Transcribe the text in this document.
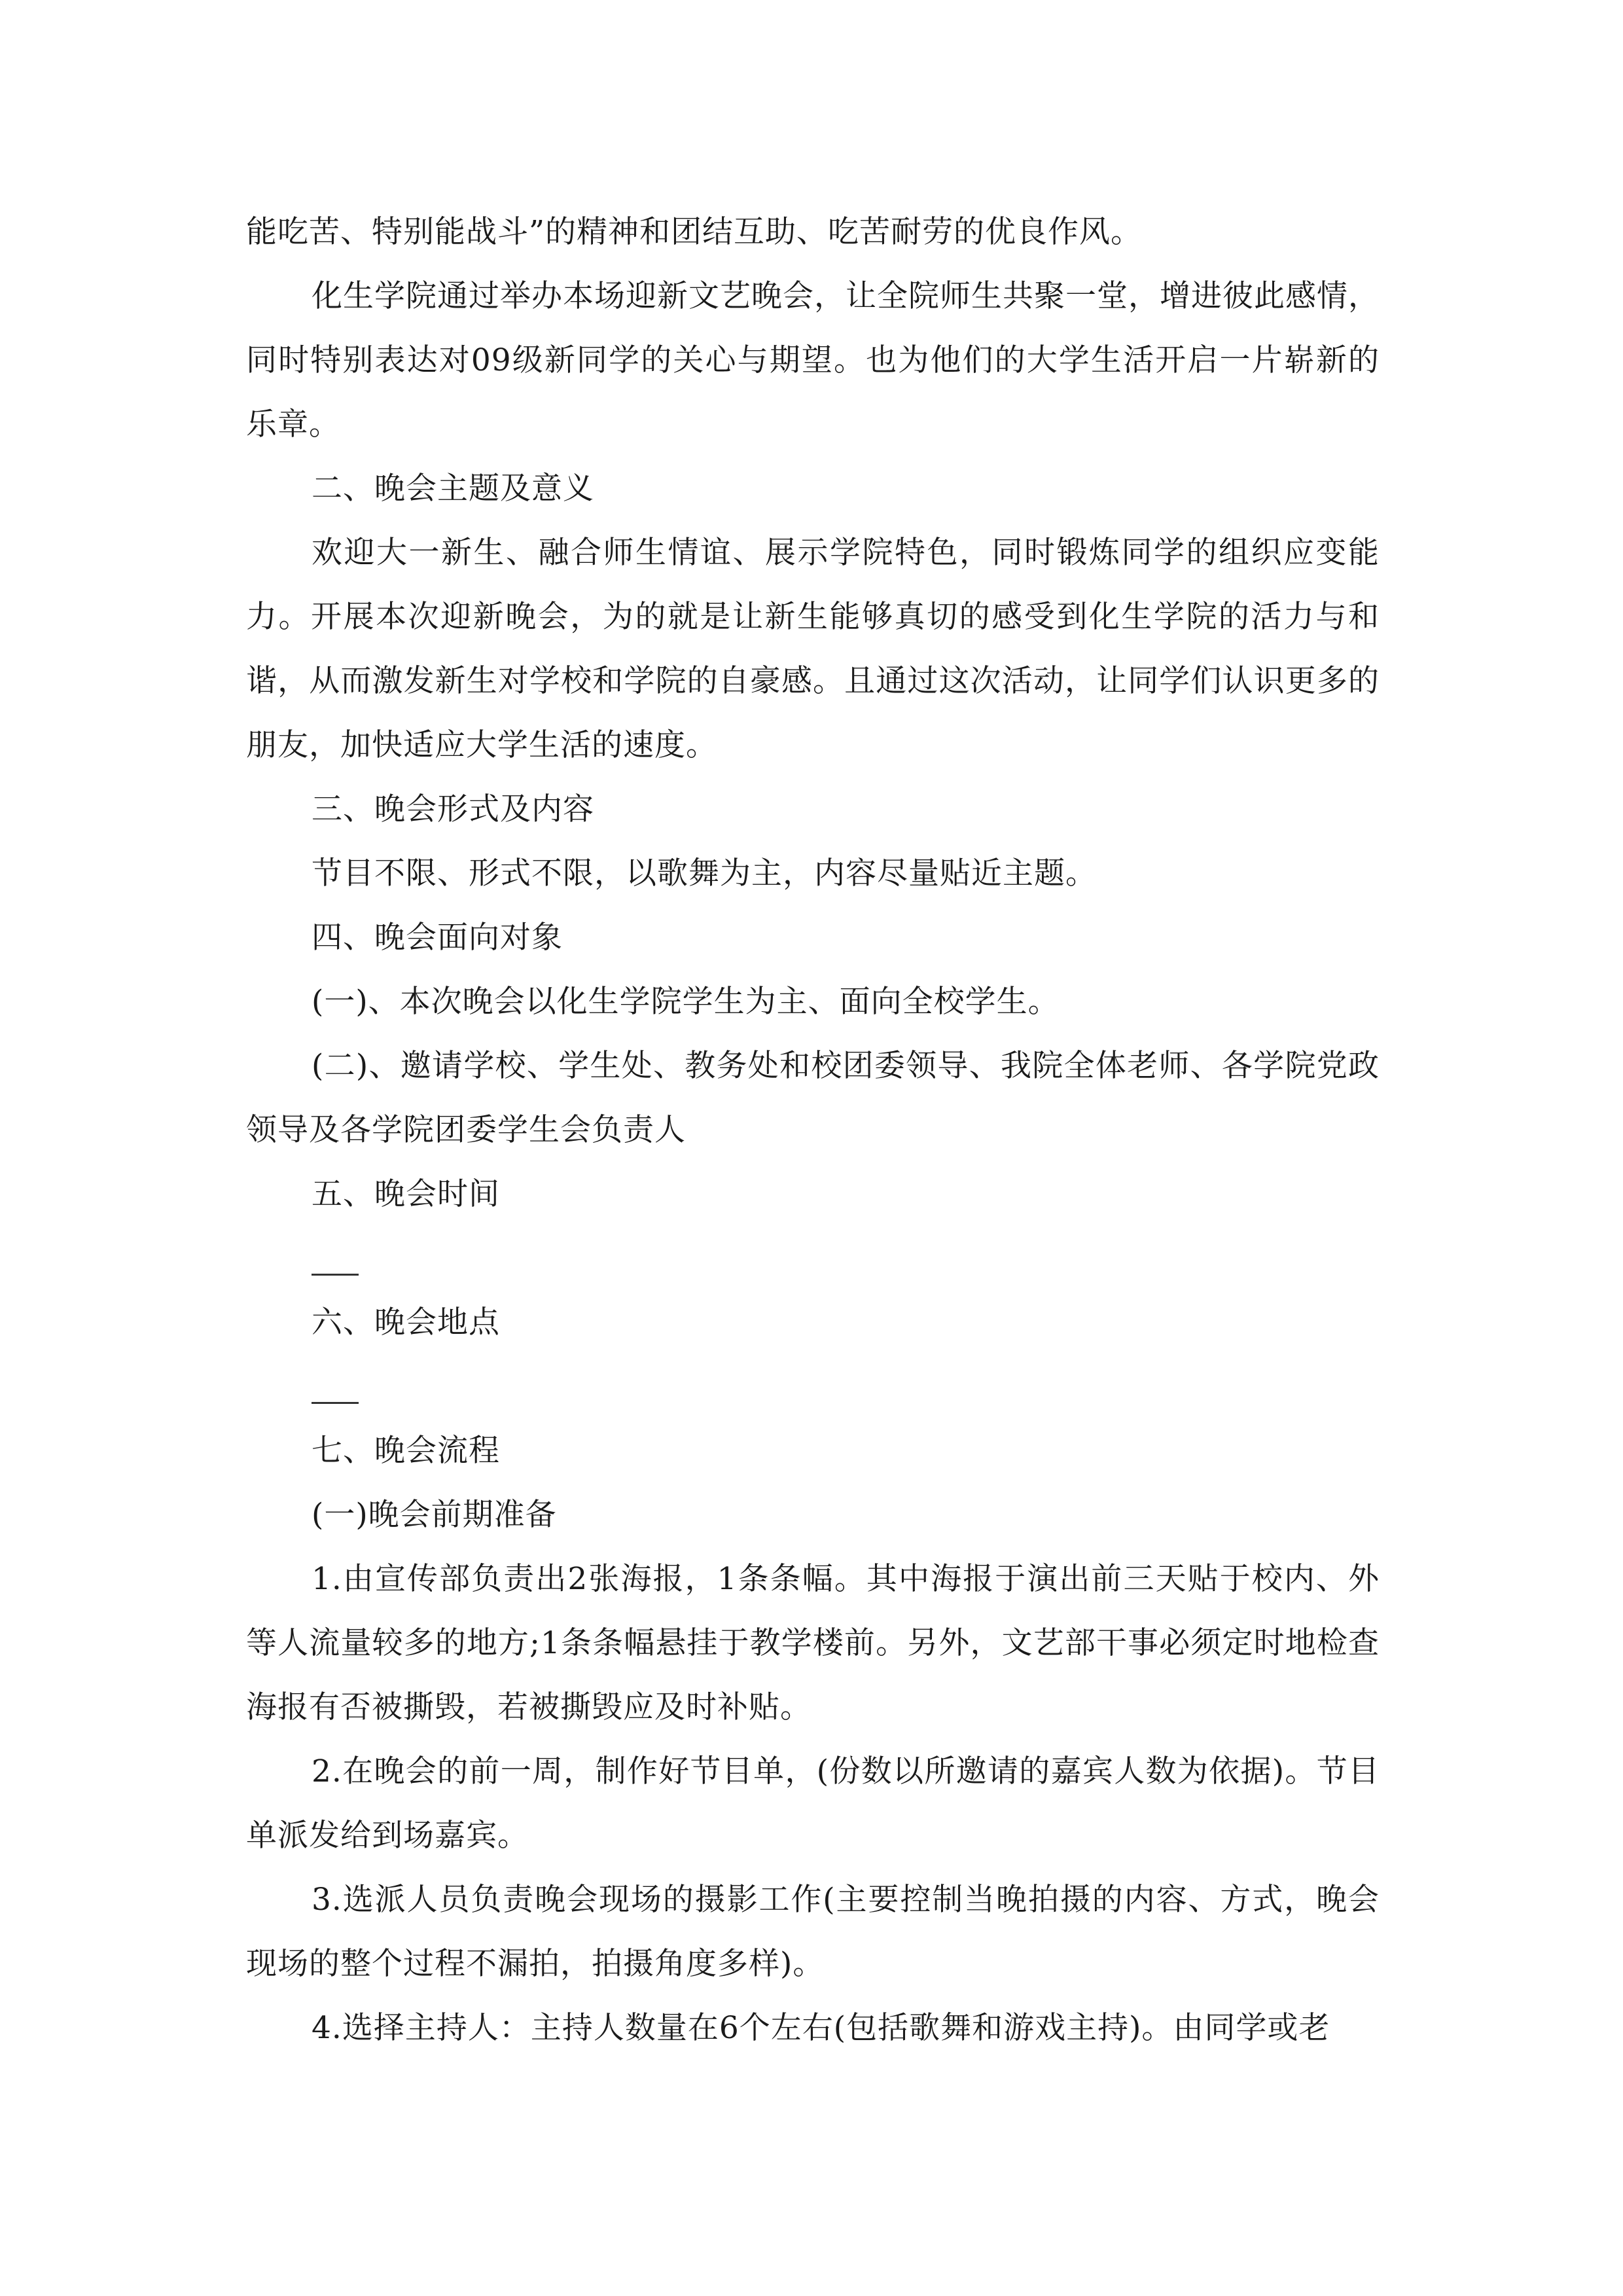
能吃苦、特别能战斗”的精神和团结互助、吃苦耐劳的优良作风。

化生学院通过举办本场迎新文艺晚会，让全院师生共聚一堂，增进彼此感情，同时特别表达对09级新同学的关心与期望。也为他们的大学生活开启一片崭新的乐章。

二、晚会主题及意义

欢迎大一新生、融合师生情谊、展示学院特色，同时锻炼同学的组织应变能力。开展本次迎新晚会，为的就是让新生能够真切的感受到化生学院的活力与和谐，从而激发新生对学校和学院的自豪感。且通过这次活动，让同学们认识更多的朋友，加快适应大学生活的速度。

三、晚会形式及内容

节目不限、形式不限，以歌舞为主，内容尽量贴近主题。

四、晚会面向对象

(一)、本次晚会以化生学院学生为主、面向全校学生。

(二)、邀请学校、学生处、教务处和校团委领导、我院全体老师、各学院党政领导及各学院团委学生会负责人

五、晚会时间

六、晚会地点

七、晚会流程

(一)晚会前期准备

1.由宣传部负责出2张海报，1条条幅。其中海报于演出前三天贴于校内、外等人流量较多的地方;1条条幅悬挂于教学楼前。另外，文艺部干事必须定时地检查海报有否被撕毁，若被撕毁应及时补贴。

2.在晚会的前一周，制作好节目单，(份数以所邀请的嘉宾人数为依据)。节目单派发给到场嘉宾。

3.选派人员负责晚会现场的摄影工作(主要控制当晚拍摄的内容、方式，晚会现场的整个过程不漏拍，拍摄角度多样)。

4.选择主持人：主持人数量在6个左右(包括歌舞和游戏主持)。由同学或老
